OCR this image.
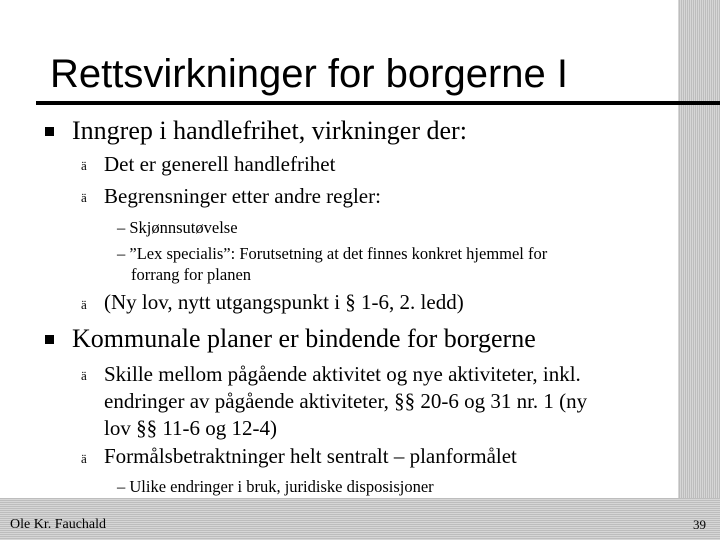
Rettsvirkninger for borgerne I
Inngrep i handlefrihet, virkninger der:
ä Det er generell handlefrihet
ä Begrensninger etter andre regler:
– Skjønnsutøvelse
– ”Lex specialis”: Forutsetning at det finnes konkret hjemmel for
forrang for planen
ä (Ny lov, nytt utgangspunkt i § 1-6, 2. ledd)
Kommunale planer er bindende for borgerne
ä Skille mellom pågående aktivitet og nye aktiviteter, inkl.
endringer av pågående aktiviteter, §§ 20-6 og 31 nr. 1 (ny
lov §§ 11-6 og 12-4)
ä Formålsbetraktninger helt sentralt – planformålet
– Ulike endringer i bruk, juridiske disposisjoner
Ole Kr. Fauchald	39
